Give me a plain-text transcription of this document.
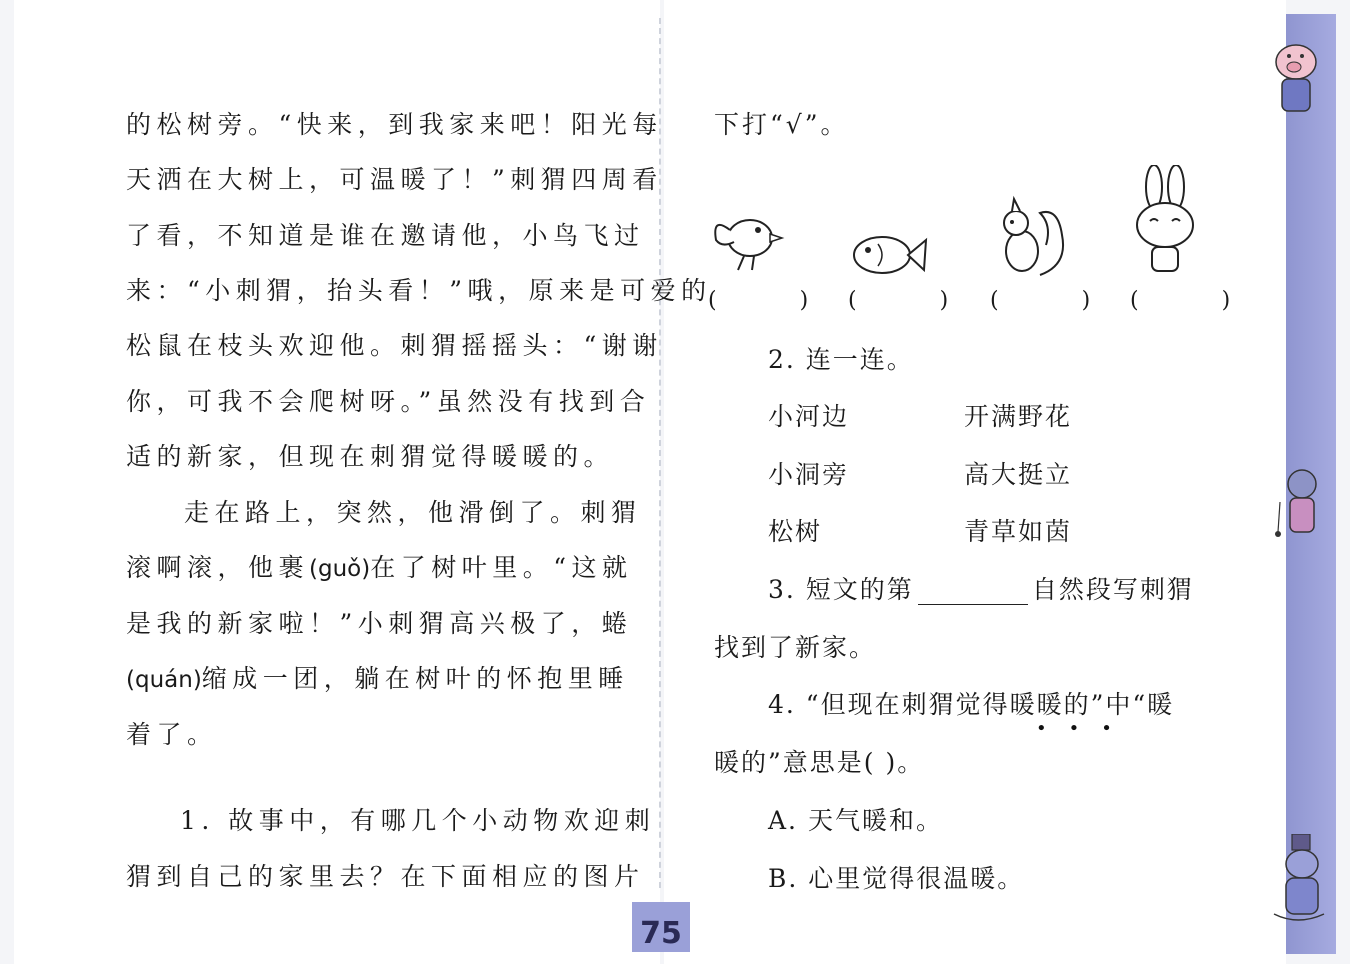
的松树旁。“快来，到我家来吧！阳光每
天洒在大树上，可温暖了！”刺猬四周看
了看，不知道是谁在邀请他，小鸟飞过
来：“小刺猬，抬头看！”哦，原来是可爱的
松鼠在枝头欢迎他。刺猬摇摇头：“谢谢
你，可我不会爬树呀。”虽然没有找到合
适的新家，但现在刺猬觉得暖暖的。
走在路上，突然，他滑倒了。刺猬
滚啊滚，他裹(guǒ)在了树叶里。“这就
是我的新家啦！”小刺猬高兴极了，蜷
(quán)缩成一团，躺在树叶的怀抱里睡
着了。
1. 故事中，有哪几个小动物欢迎刺
猬到自己的家里去？在下面相应的图片
下打“√”。
( ) ( ) ( ) ( )
2. 连一连。
小河边	开满野花
小洞旁	高大挺立
松树	青草如茵
3. 短文的第	自然段写刺猬
找到了新家。
4. “但现在刺猬觉得暖暖的”中“暖
•••
暖的”意思是( )。
A. 天气暖和。
B. 心里觉得很温暖。
75
